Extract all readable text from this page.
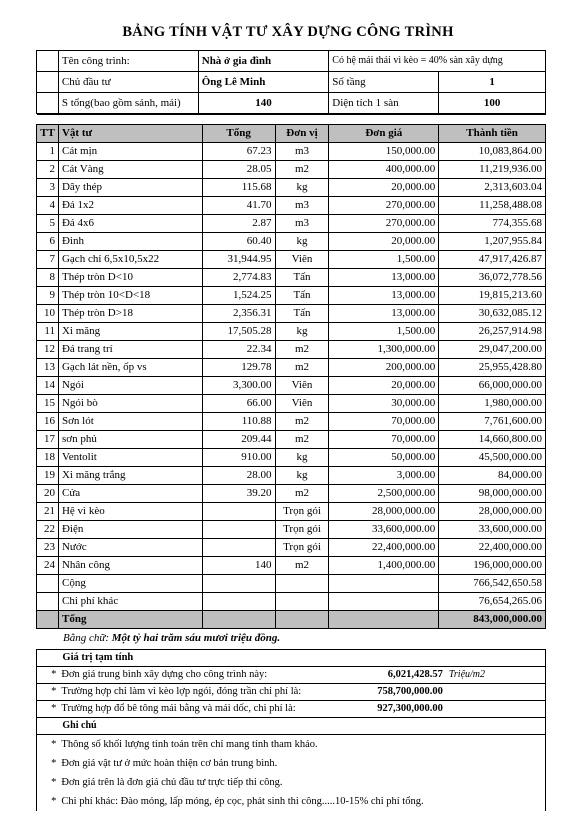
BẢNG TÍNH VẬT TƯ XÂY DỰNG CÔNG TRÌNH
	Tên công trình:	Nhà ở gia đình	Có hệ mái thái vì kèo = 40% sàn xây dựng	
	Chủ đầu tư	Ông Lê Minh	Số tầng	1
	S tổng(bao gồm sảnh, mái)	140	Diện tích 1 sàn	100

TT	Vật tư	Tổng	Đơn vị	Đơn giá	Thành tiền
1	Cát mịn	67.23	m3	150,000.00	10,083,864.00
2	Cát Vàng	28.05	m2	400,000.00	11,219,936.00
3	Dây thép	115.68	kg	20,000.00	2,313,603.04
4	Đá 1x2	41.70	m3	270,000.00	11,258,488.08
5	Đá 4x6	2.87	m3	270,000.00	774,355.68
6	Đinh	60.40	kg	20,000.00	1,207,955.84
7	Gạch chỉ 6,5x10,5x22	31,944.95	Viên	1,500.00	47,917,426.87
8	Thép tròn D<10	2,774.83	Tấn	13,000.00	36,072,778.56
9	Thép tròn 10<D<18	1,524.25	Tấn	13,000.00	19,815,213.60
10	Thép tròn D>18	2,356.31	Tấn	13,000.00	30,632,085.12
11	Xi măng	17,505.28	kg	1,500.00	26,257,914.98
12	Đá trang trí	22.34	m2	1,300,000.00	29,047,200.00
13	Gạch lát nền, ốp vs	129.78	m2	200,000.00	25,955,428.80
14	Ngói	3,300.00	Viên	20,000.00	66,000,000.00
15	Ngói bò	66.00	Viên	30,000.00	1,980,000.00
16	Sơn lót	110.88	m2	70,000.00	7,761,600.00
17	sơn phủ	209.44	m2	70,000.00	14,660,800.00
18	Ventolit	910.00	kg	50,000.00	45,500,000.00
19	Xi măng trắng	28.00	kg	3,000.00	84,000.00
20	Cửa	39.20	m2	2,500,000.00	98,000,000.00
21	Hệ vì kèo		Trọn gói	28,000,000.00	28,000,000.00
22	Điện		Trọn gói	33,600,000.00	33,600,000.00
23	Nước		Trọn gói	22,400,000.00	22,400,000.00
24	Nhân công	140	m2	1,400,000.00	196,000,000.00
	Cộng				766,542,650.58
	Chi phí khác				76,654,265.06
	Tổng				843,000,000.00
Bằng chữ: Một tỷ hai trăm sáu mươi triệu đồng.
	Giá trị tạm tính		
*	Đơn giá trung bình xây dựng cho công trình này:	6,021,428.57	Triệu/m2
*	Trường hợp chỉ làm vì kèo lợp ngói, đóng trần chi phí là:	758,700,000.00	
*	Trường hợp đổ bê tông mái bằng và mái dốc, chi phí là:	927,300,000.00	
	Ghi chú		
*	Thông số khối lượng tính toán trên chỉ mang tính tham khảo.		
*	Đơn giá vật tư ở mức hoàn thiện cơ bản trung bình.		
*	Đơn giá trên là đơn giá chủ đầu tư trực tiếp thi công.		
*	Chi phí khác: Đào móng, lấp móng, ép cọc, phát sinh thi công.....10-15% chi phí tổng.		
